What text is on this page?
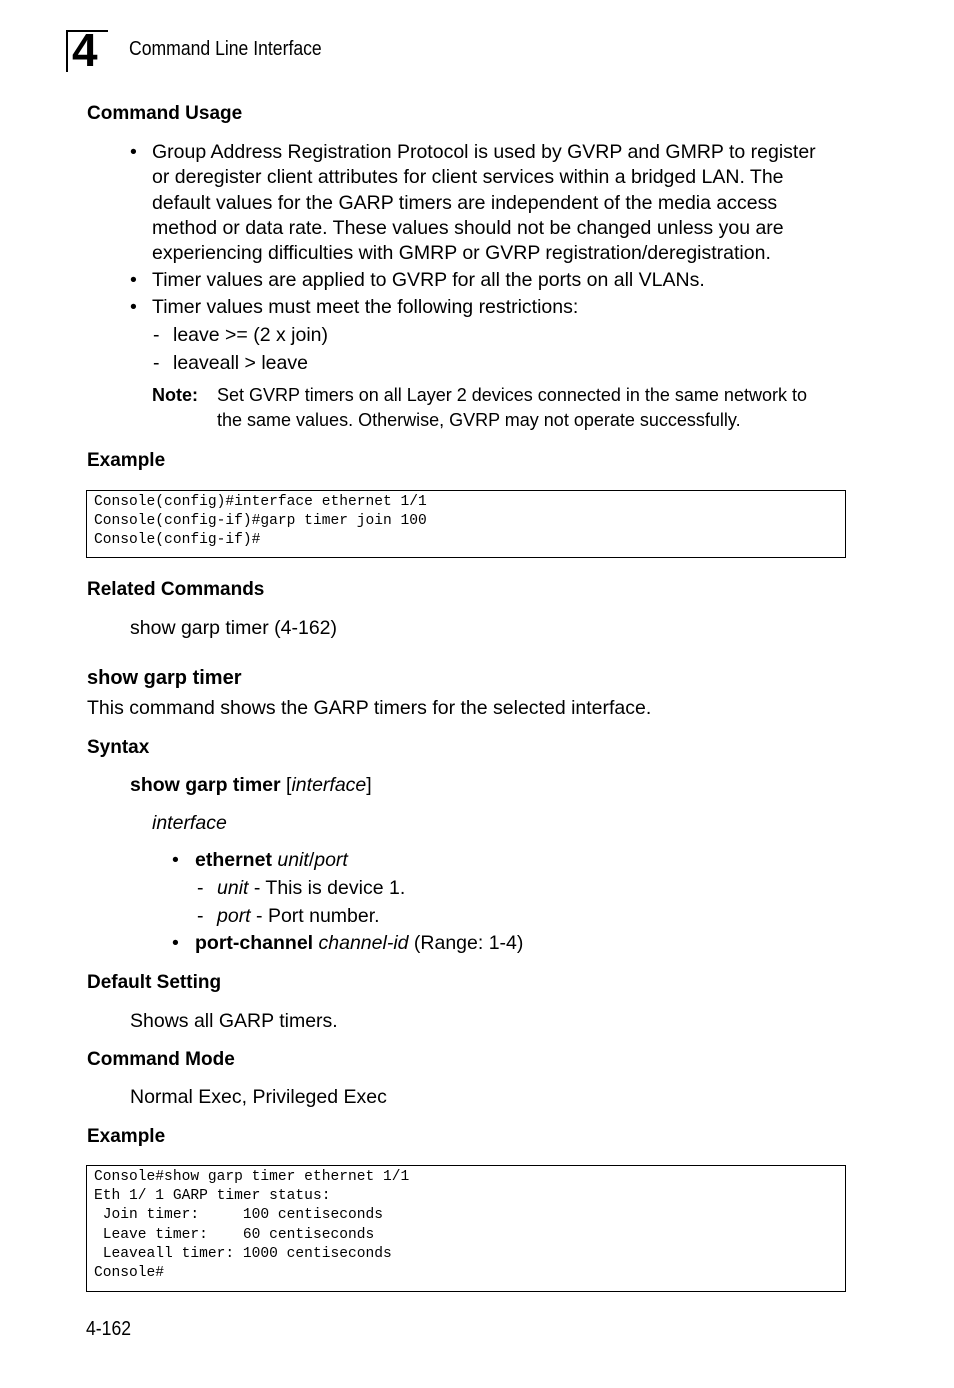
4 Command Line Interface
Command Usage
• Group Address Registration Protocol is used by GVRP and GMRP to register
or deregister client attributes for client services within a bridged LAN. The
default values for the GARP timers are independent of the media access
method or data rate. These values should not be changed unless you are
experiencing difficulties with GMRP or GVRP registration/deregistration.
• Timer values are applied to GVRP for all the ports on all VLANs.
• Timer values must meet the following restrictions:
- leave >= (2 x join)
- leaveall > leave
Note: Set GVRP timers on all Layer 2 devices connected in the same network to
the same values. Otherwise, GVRP may not operate successfully.
Example
Console(config)#interface ethernet 1/1
Console(config-if)#garp timer join 100
Console(config-if)#
Related Commands
show garp timer (4-162)
show garp timer
This command shows the GARP timers for the selected interface.
Syntax
show garp timer [interface]
interface
• ethernet unit/port
- unit - This is device 1.
- port - Port number.
• port-channel channel-id (Range: 1-4)
Default Setting
Shows all GARP timers.
Command Mode
Normal Exec, Privileged Exec
Example
Console#show garp timer ethernet 1/1
Eth 1/ 1 GARP timer status:
Join timer:     100 centiseconds
Leave timer:    60 centiseconds
Leaveall timer: 1000 centiseconds
Console#
4-162
